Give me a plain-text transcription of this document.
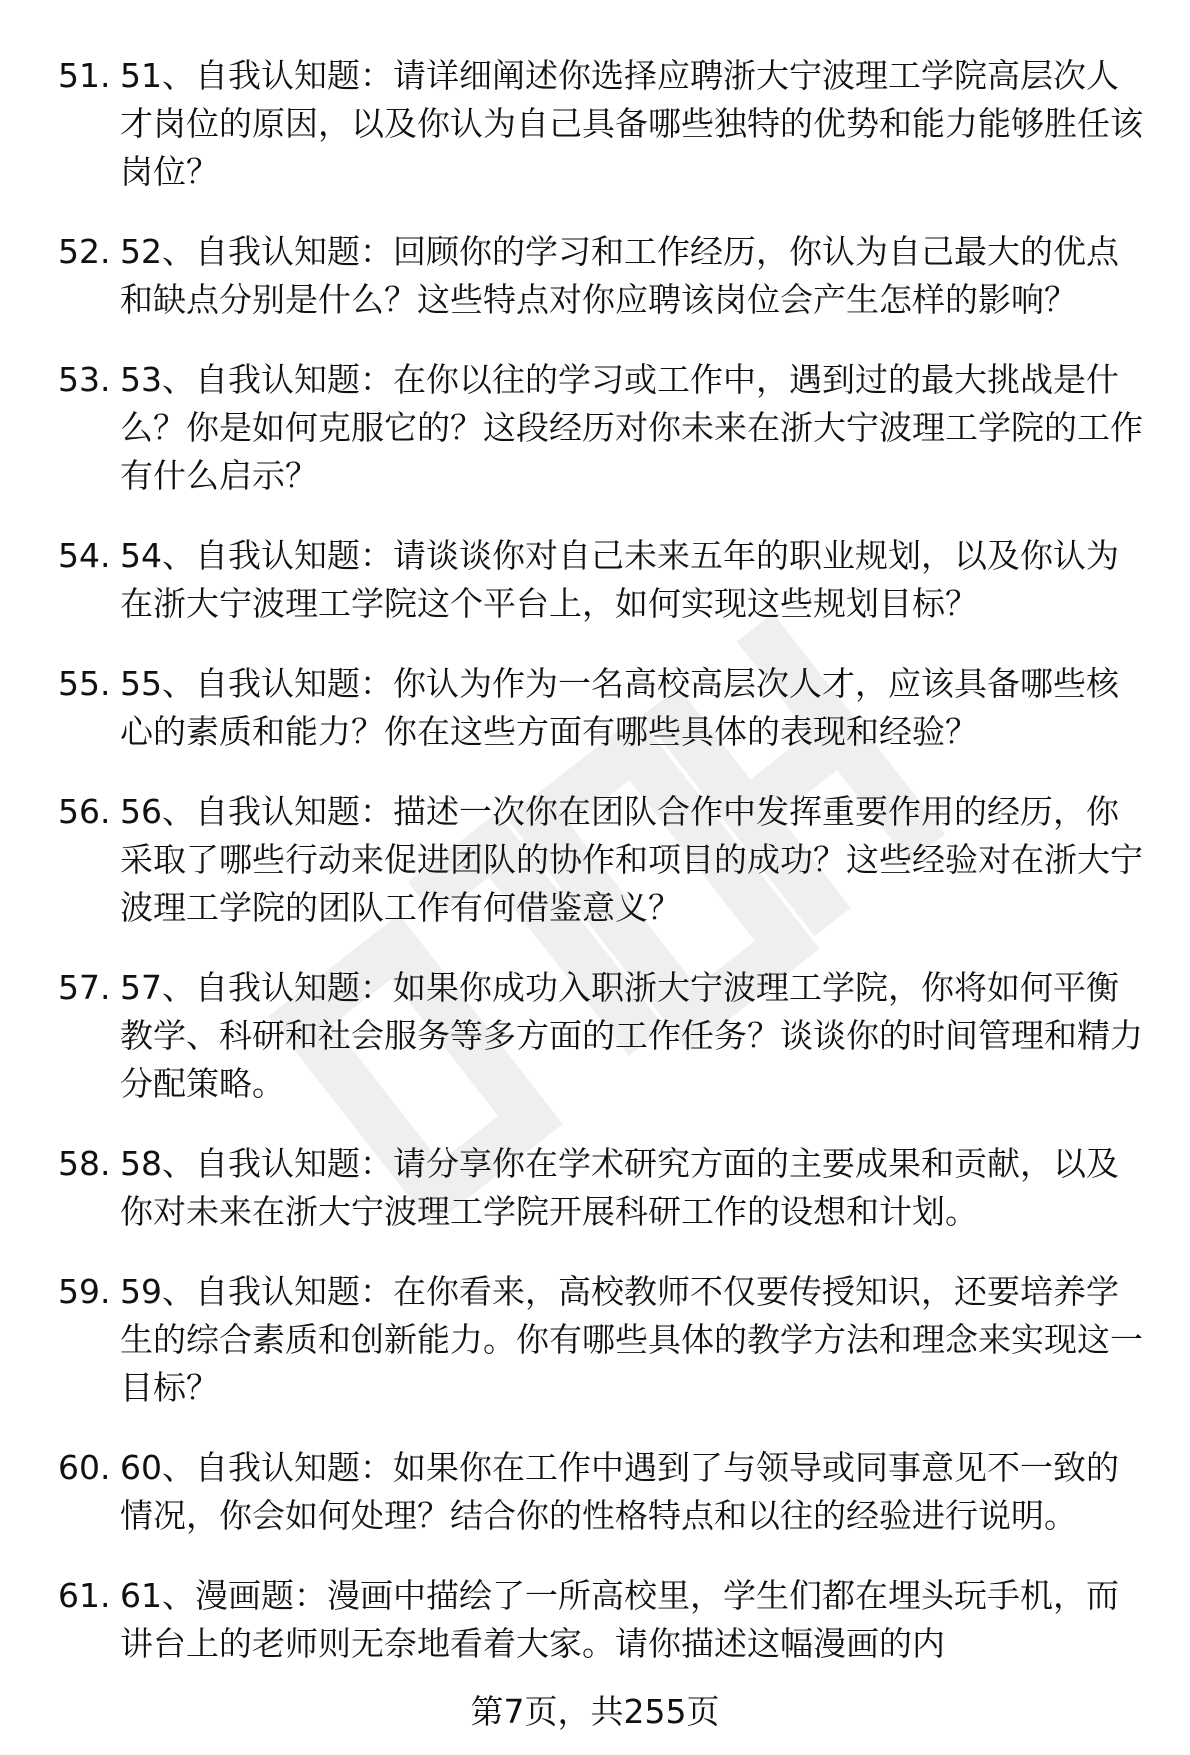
51. 51、自我认知题：请详细阐述你选择应聘浙大宁波理工学院高层次人才岗位的原因，以及你认为自己具备哪些独特的优势和能力能够胜任该岗位？
52. 52、自我认知题：回顾你的学习和工作经历，你认为自己最大的优点和缺点分别是什么？这些特点对你应聘该岗位会产生怎样的影响？
53. 53、自我认知题：在你以往的学习或工作中，遇到过的最大挑战是什么？你是如何克服它的？这段经历对你未来在浙大宁波理工学院的工作有什么启示？
54. 54、自我认知题：请谈谈你对自己未来五年的职业规划，以及你认为在浙大宁波理工学院这个平台上，如何实现这些规划目标？
55. 55、自我认知题：你认为作为一名高校高层次人才，应该具备哪些核心的素质和能力？你在这些方面有哪些具体的表现和经验？
56. 56、自我认知题：描述一次你在团队合作中发挥重要作用的经历，你采取了哪些行动来促进团队的协作和项目的成功？这些经验对在浙大宁波理工学院的团队工作有何借鉴意义？
57. 57、自我认知题：如果你成功入职浙大宁波理工学院，你将如何平衡教学、科研和社会服务等多方面的工作任务？谈谈你的时间管理和精力分配策略。
58. 58、自我认知题：请分享你在学术研究方面的主要成果和贡献，以及你对未来在浙大宁波理工学院开展科研工作的设想和计划。
59. 59、自我认知题：在你看来，高校教师不仅要传授知识，还要培养学生的综合素质和创新能力。你有哪些具体的教学方法和理念来实现这一目标？
60. 60、自我认知题：如果你在工作中遇到了与领导或同事意见不一致的情况，你会如何处理？结合你的性格特点和以往的经验进行说明。
61. 61、漫画题：漫画中描绘了一所高校里，学生们都在埋头玩手机，而讲台上的老师则无奈地看着大家。请你描述这幅漫画的内
第7页，共255页
